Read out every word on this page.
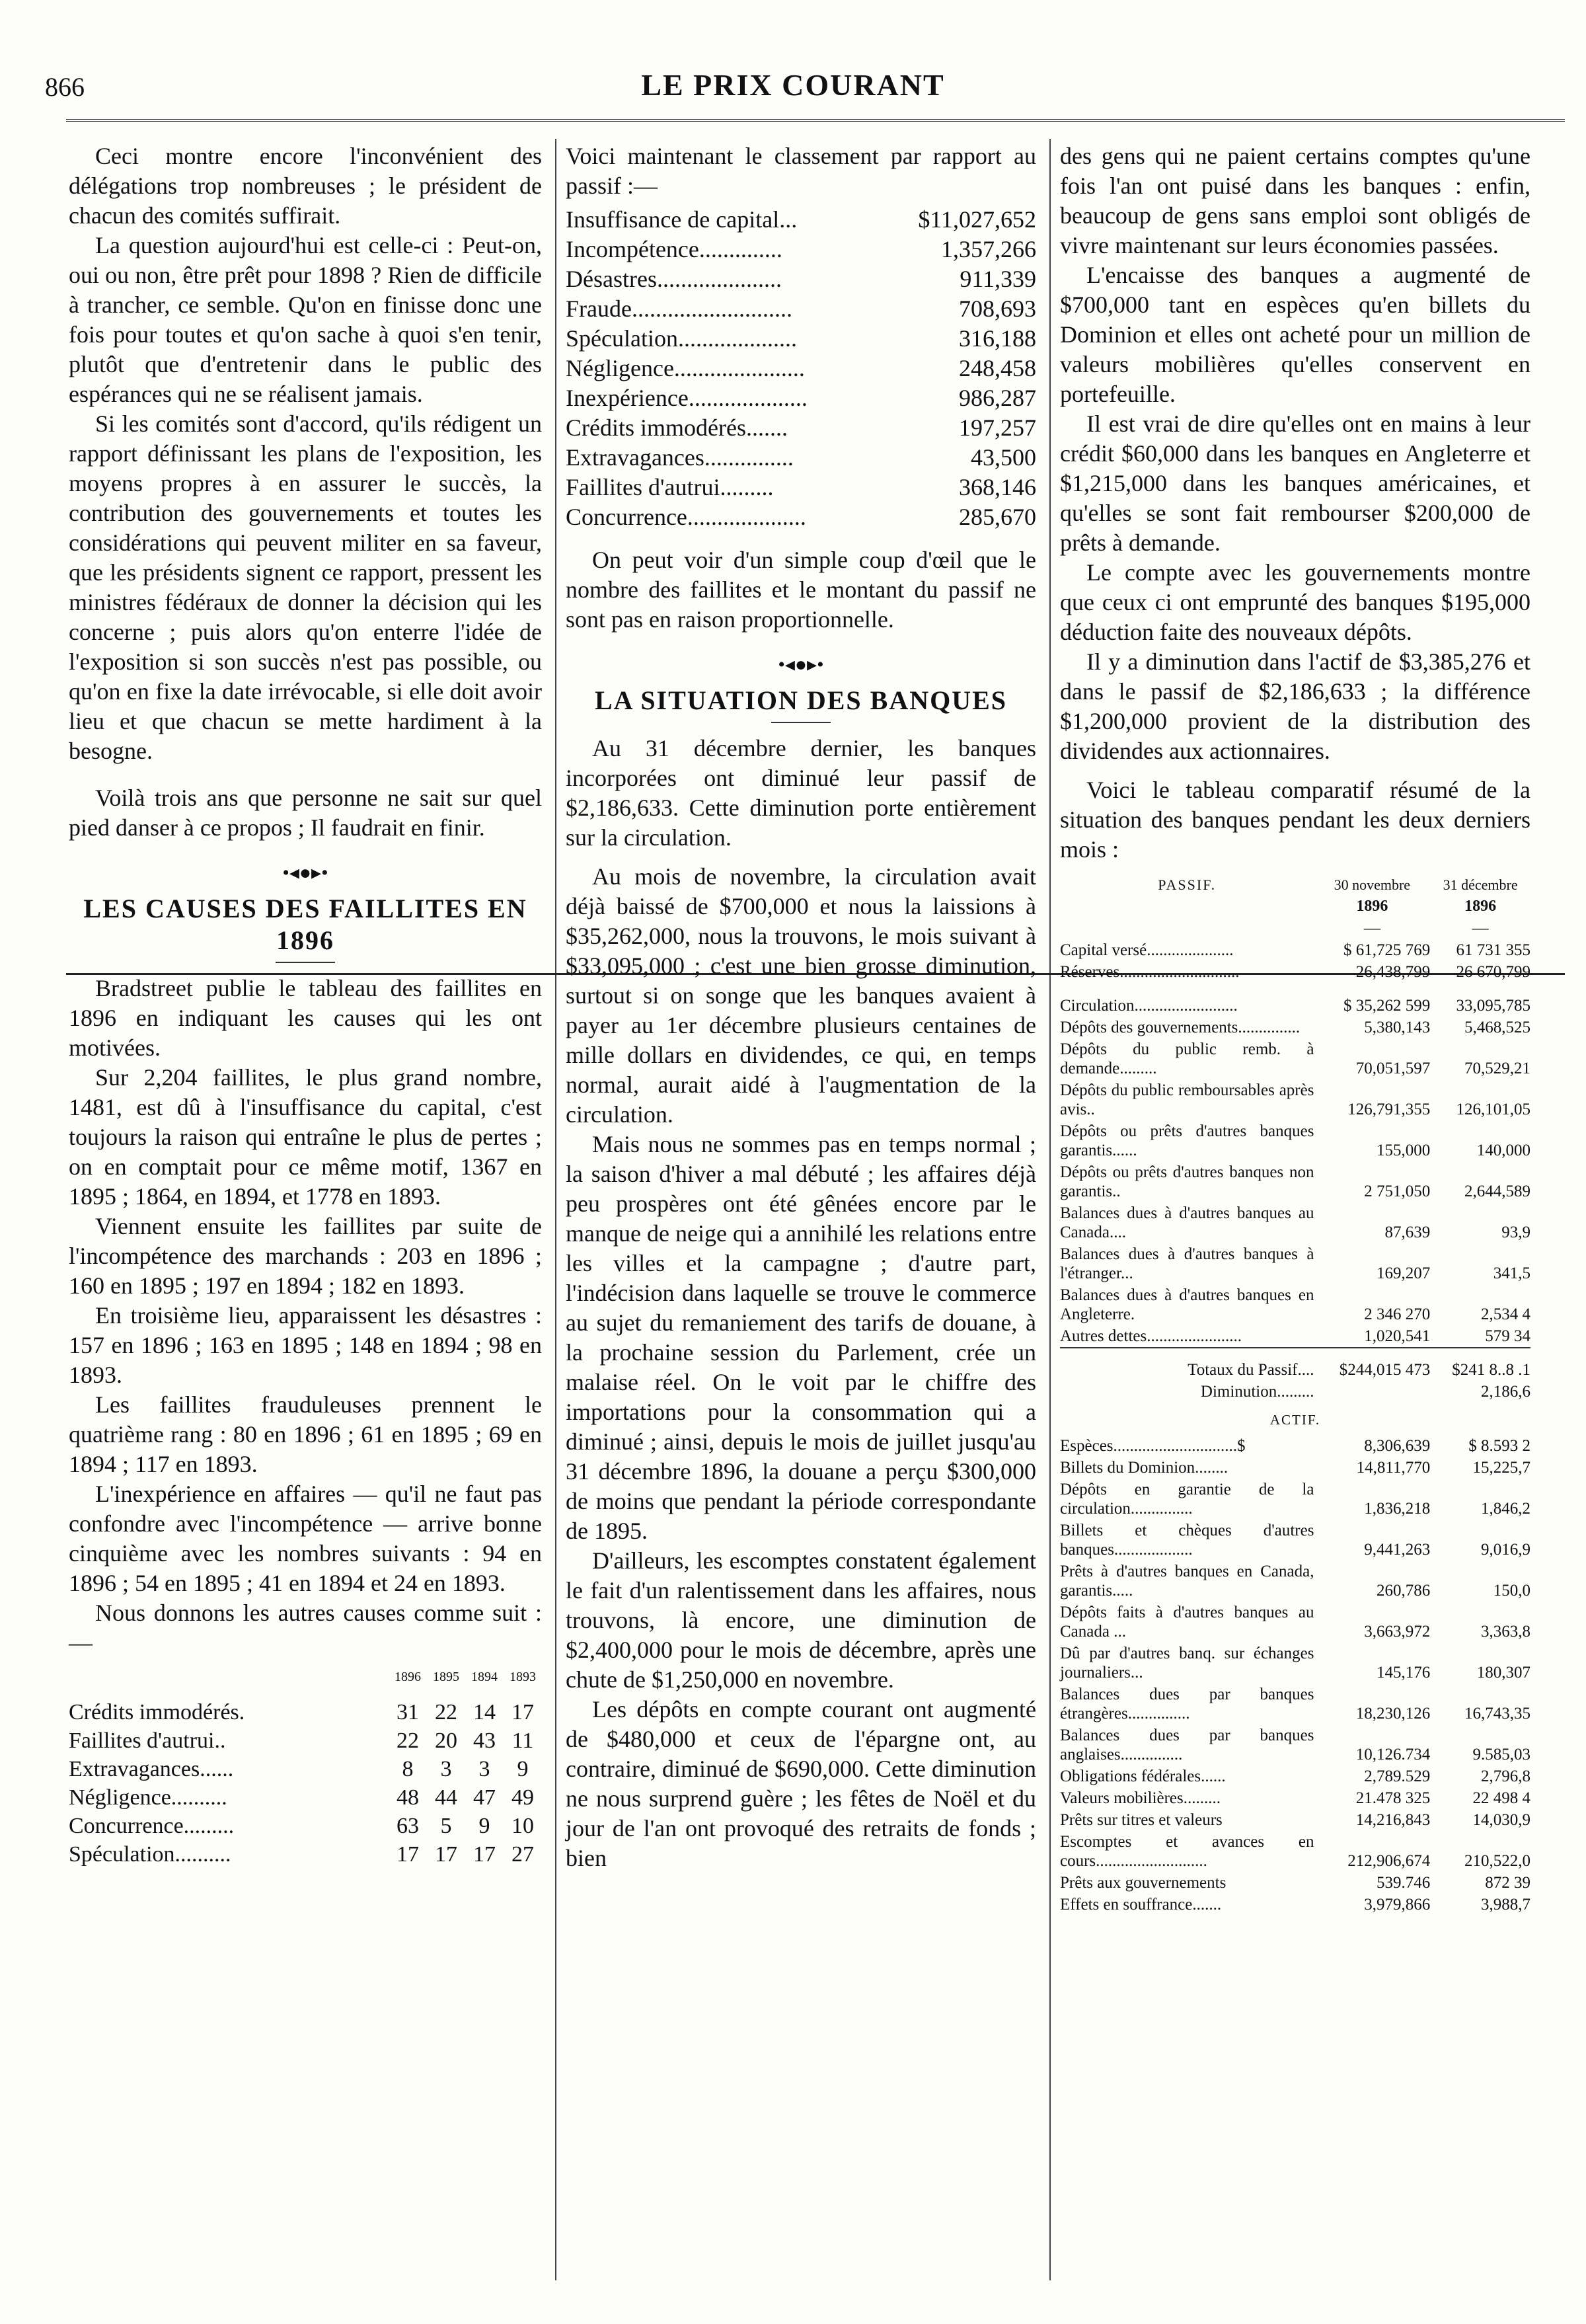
866	LE PRIX COURANT

Ceci montre encore l'inconvénient des délégations trop nombreuses ; le président de chacun des comités suffirait.

La question aujourd'hui est celle-ci : Peut-on, oui ou non, être prêt pour 1898 ? Rien de difficile à trancher, ce semble. Qu'on en finisse donc une fois pour toutes et qu'on sache à quoi s'en tenir, plutôt que d'entretenir dans le public des espérances qui ne se réalisent jamais.

Si les comités sont d'accord, qu'ils rédigent un rapport définissant les plans de l'exposition, les moyens propres à en assurer le succès, la contribution des gouvernements et toutes les considérations qui peuvent militer en sa faveur, que les présidents signent ce rapport, pressent les ministres fédéraux de donner la décision qui les concerne ; puis alors qu'on enterre l'idée de l'exposition si son succès n'est pas possible, ou qu'on en fixe la date irrévocable, si elle doit avoir lieu et que chacun se mette hardiment à la besogne.

Voilà trois ans que personne ne sait sur quel pied danser à ce propos ; Il faudrait en finir.

•◂●▸•
LES CAUSES DES FAILLITES EN 1896

Bradstreet publie le tableau des faillites en 1896 en indiquant les causes qui les ont motivées.

Sur 2,204 faillites, le plus grand nombre, 1481, est dû à l'insuffisance du capital, c'est toujours la raison qui entraîne le plus de pertes ; on en comptait pour ce même motif, 1367 en 1895 ; 1864, en 1894, et 1778 en 1893.

Viennent ensuite les faillites par suite de l'incompétence des marchands : 203 en 1896 ; 160 en 1895 ; 197 en 1894 ; 182 en 1893.

En troisième lieu, apparaissent les désastres : 157 en 1896 ; 163 en 1895 ; 148 en 1894 ; 98 en 1893.

Les faillites frauduleuses prennent le quatrième rang : 80 en 1896 ; 61 en 1895 ; 69 en 1894 ; 117 en 1893.

L'inexpérience en affaires — qu'il ne faut pas confondre avec l'incompétence — arrive bonne cinquième avec les nombres suivants : 94 en 1896 ; 54 en 1895 ; 41 en 1894 et 24 en 1893.

Nous donnons les autres causes comme suit :—

	1896	1895	1894	1893
Crédits immodérés.	31	22	14	17
Faillites d'autrui..	22	20	43	11
Extravagances......	8	3	3	9
Négligence..........	48	44	47	49
Concurrence.........	63	5	9	10
Spéculation..........	17	17	17	27

Voici maintenant le classement par rapport au passif :—

Insuffisance de capital...	$11,027,652
Incompétence..............	1,357,266
Désastres.....................	911,339
Fraude...........................	708,693
Spéculation....................	316,188
Négligence......................	248,458
Inexpérience....................	986,287
Crédits immodérés.......	197,257
Extravagances...............	43,500
Faillites d'autrui.........	368,146
Concurrence....................	285,670

On peut voir d'un simple coup d'œil que le nombre des faillites et le montant du passif ne sont pas en raison proportionnelle.

•◂●▸•
LA SITUATION DES BANQUES

Au 31 décembre dernier, les banques incorporées ont diminué leur passif de $2,186,633. Cette diminution porte entièrement sur la circulation.

Au mois de novembre, la circulation avait déjà baissé de $700,000 et nous la laissions à $35,262,000, nous la trouvons, le mois suivant à $33,095,000 ; c'est une bien grosse diminution, surtout si on songe que les banques avaient à payer au 1er décembre plusieurs centaines de mille dollars en dividendes, ce qui, en temps normal, aurait aidé à l'augmentation de la circulation.

Mais nous ne sommes pas en temps normal ; la saison d'hiver a mal débuté ; les affaires déjà peu prospères ont été gênées encore par le manque de neige qui a annihilé les relations entre les villes et la campagne ; d'autre part, l'indécision dans laquelle se trouve le commerce au sujet du remaniement des tarifs de douane, à la prochaine session du Parlement, crée un malaise réel. On le voit par le chiffre des importations pour la consommation qui a diminué ; ainsi, depuis le mois de juillet jusqu'au 31 décembre 1896, la douane a perçu $300,000 de moins que pendant la période correspondante de 1895.

D'ailleurs, les escomptes constatent également le fait d'un ralentissement dans les affaires, nous trouvons, là encore, une diminution de $2,400,000 pour le mois de décembre, après une chute de $1,250,000 en novembre.

Les dépôts en compte courant ont augmenté de $480,000 et ceux de l'épargne ont, au contraire, diminué de $690,000. Cette diminution ne nous surprend guère ; les fêtes de Noël et du jour de l'an ont provoqué des retraits de fonds ; bien

des gens qui ne paient certains comptes qu'une fois l'an ont puisé dans les banques : enfin, beaucoup de gens sans emploi sont obligés de vivre maintenant sur leurs économies passées.

L'encaisse des banques a augmenté de $700,000 tant en espèces qu'en billets du Dominion et elles ont acheté pour un million de valeurs mobilières qu'elles conservent en portefeuille.

Il est vrai de dire qu'elles ont en mains à leur crédit $60,000 dans les banques en Angleterre et $1,215,000 dans les banques américaines, et qu'elles se sont fait rembourser $200,000 de prêts à demande.

Le compte avec les gouvernements montre que ceux ci ont emprunté des banques $195,000 déduction faite des nouveaux dépôts.

Il y a diminution dans l'actif de $3,385,276 et dans le passif de $2,186,633 ; la différence $1,200,000 provient de la distribution des dividendes aux actionnaires.

Voici le tableau comparatif résumé de la situation des banques pendant les deux derniers mois :

PASSIF.	30 novembre	31 décembre
	1896	1896
	—	—
Capital versé.....................	$ 61,725 769	61 731 355
Réserves.............................	26,438,799	26 670,799

Circulation.........................	$ 35,262 599	33,095,785
Dépôts des gouvernements...............	5,380,143	5,468,525
Dépôts du public remb. à demande.........	70,051,597	70,529,21
Dépôts du public remboursables après avis..	126,791,355	126,101,05
Dépôts ou prêts d'autres banques garantis......	155,000	140,000
Dépôts ou prêts d'autres banques non garantis..	2 751,050	2,644,589
Balances dues à d'autres banques au Canada....	87,639	93,9
Balances dues à d'autres banques à l'étranger...	169,207	341,5
Balances dues à d'autres banques en Angleterre.	2 346 270	2,534 4
Autres dettes.......................	1,020,541	579 34

Totaux du Passif....	$244,015 473	$241 8..8 .1
Diminution.........		2,186,6
ACTIF.		
Espèces..............................$	8,306,639	$ 8.593 2
Billets du Dominion........	14,811,770	15,225,7
Dépôts en garantie de la circulation...............	1,836,218	1,846,2
Billets et chèques d'autres banques...................	9,441,263	9,016,9
Prêts à d'autres banques en Canada, garantis.....	260,786	150,0
Dépôts faits à d'autres banques au Canada ...	3,663,972	3,363,8
Dû par d'autres banq. sur échanges journaliers...	145,176	180,307
Balances dues par banques étrangères...............	18,230,126	16,743,35
Balances dues par banques anglaises...............	10,126.734	9.585,03
Obligations fédérales......	2,789.529	2,796,8
Valeurs mobilières.........	21.478 325	22 498 4
Prêts sur titres et valeurs	14,216,843	14,030,9
Escomptes et avances en cours...........................	212,906,674	210,522,0
Prêts aux gouvernements	539.746	872 39
Effets en souffrance.......	3,979,866	3,988,7
